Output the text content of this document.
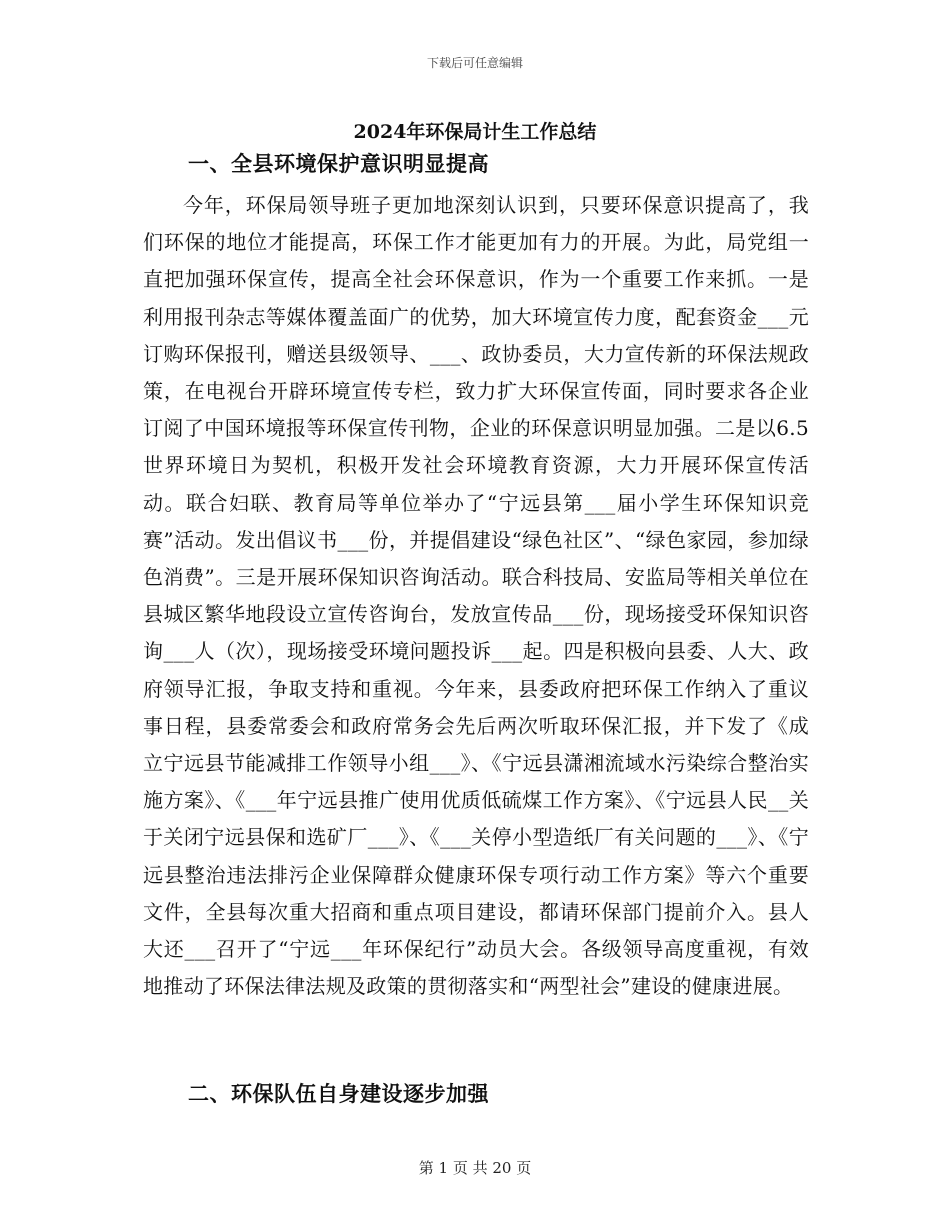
下载后可任意编辑
2024年环保局计生工作总结
一、全县环境保护意识明显提高

今年，环保局领导班子更加地深刻认识到，只要环保意识提高了，我们环保的地位才能提高，环保工作才能更加有力的开展。为此，局党组一直把加强环保宣传，提高全社会环保意识，作为一个重要工作来抓。一是利用报刊杂志等媒体覆盖面广的优势，加大环境宣传力度，配套资金___元订购环保报刊，赠送县级领导、___、政协委员，大力宣传新的环保法规政策，在电视台开辟环境宣传专栏，致力扩大环保宣传面，同时要求各企业订阅了中国环境报等环保宣传刊物，企业的环保意识明显加强。二是以6.5世界环境日为契机，积极开发社会环境教育资源，大力开展环保宣传活动。联合妇联、教育局等单位举办了“宁远县第___届小学生环保知识竞赛”活动。发出倡议书___份，并提倡建设“绿色社区”、“绿色家园，参加绿色消费”。三是开展环保知识咨询活动。联合科技局、安监局等相关单位在县城区繁华地段设立宣传咨询台，发放宣传品___份，现场接受环保知识咨询___人（次），现场接受环境问题投诉___起。四是积极向县委、人大、政府领导汇报，争取支持和重视。今年来，县委政府把环保工作纳入了重议事日程，县委常委会和政府常务会先后两次听取环保汇报，并下发了《成立宁远县节能减排工作领导小组___》、《宁远县潇湘流域水污染综合整治实施方案》、《___年宁远县推广使用优质低硫煤工作方案》、《宁远县人民__关于关闭宁远县保和选矿厂___》、《___关停小型造纸厂有关问题的___》、《宁远县整治违法排污企业保障群众健康环保专项行动工作方案》等六个重要文件，全县每次重大招商和重点项目建设，都请环保部门提前介入。县人大还___召开了“宁远___年环保纪行”动员大会。各级领导高度重视，有效地推动了环保法律法规及政策的贯彻落实和“两型社会”建设的健康进展。

二、环保队伍自身建设逐步加强
第 1 页 共 20 页
